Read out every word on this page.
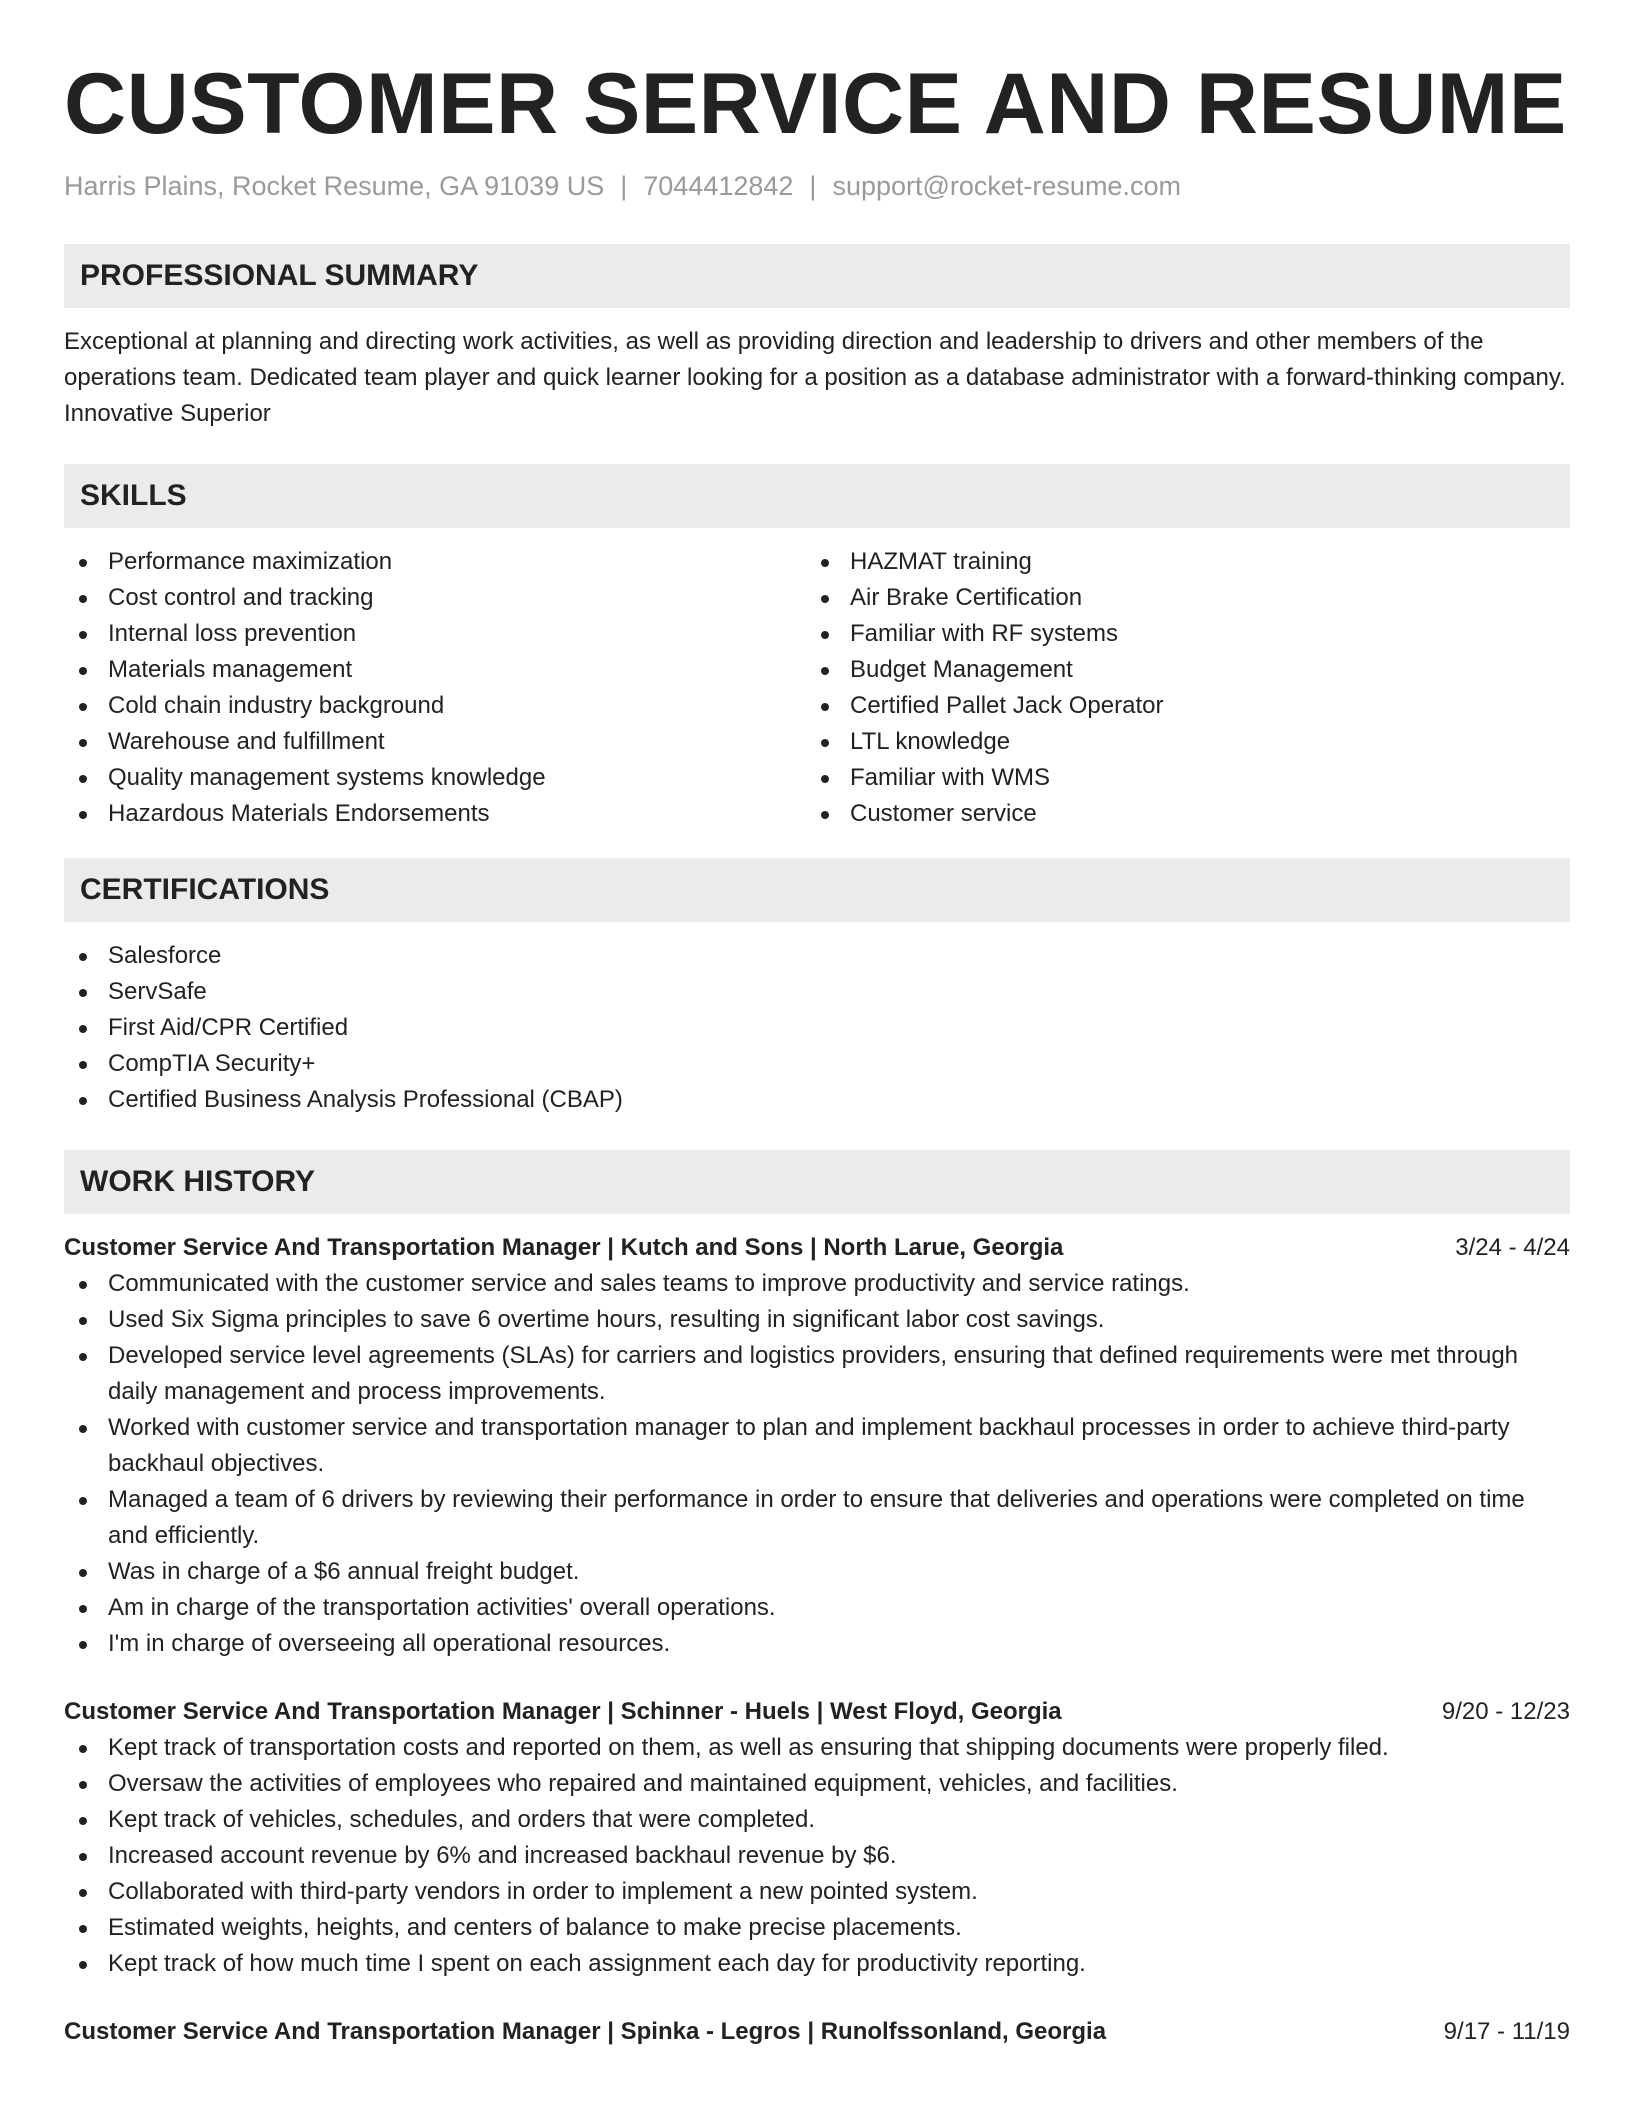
CUSTOMER SERVICE AND RESUME
Harris Plains, Rocket Resume, GA 91039 US | 7044412842 | support@rocket-resume.com
PROFESSIONAL SUMMARY

Exceptional at planning and directing work activities, as well as providing direction and leadership to drivers and other members of the operations team. Dedicated team player and quick learner looking for a position as a database administrator with a forward-thinking company. Innovative Superior

SKILLS
Performance maximization
Cost control and tracking
Internal loss prevention
Materials management
Cold chain industry background
Warehouse and fulfillment
Quality management systems knowledge
Hazardous Materials Endorsements
HAZMAT training
Air Brake Certification
Familiar with RF systems
Budget Management
Certified Pallet Jack Operator
LTL knowledge
Familiar with WMS
Customer service
CERTIFICATIONS
Salesforce
ServSafe
First Aid/CPR Certified
CompTIA Security+
Certified Business Analysis Professional (CBAP)
WORK HISTORY
Customer Service And Transportation Manager | Kutch and Sons | North Larue, Georgia	3/24 - 4/24
Communicated with the customer service and sales teams to improve productivity and service ratings.
Used Six Sigma principles to save 6 overtime hours, resulting in significant labor cost savings.
Developed service level agreements (SLAs) for carriers and logistics providers, ensuring that defined requirements were met through daily management and process improvements.
Worked with customer service and transportation manager to plan and implement backhaul processes in order to achieve third-party backhaul objectives.
Managed a team of 6 drivers by reviewing their performance in order to ensure that deliveries and operations were completed on time and efficiently.
Was in charge of a $6 annual freight budget.
Am in charge of the transportation activities' overall operations.
I'm in charge of overseeing all operational resources.
Customer Service And Transportation Manager | Schinner - Huels | West Floyd, Georgia	9/20 - 12/23
Kept track of transportation costs and reported on them, as well as ensuring that shipping documents were properly filed.
Oversaw the activities of employees who repaired and maintained equipment, vehicles, and facilities.
Kept track of vehicles, schedules, and orders that were completed.
Increased account revenue by 6% and increased backhaul revenue by $6.
Collaborated with third-party vendors in order to implement a new pointed system.
Estimated weights, heights, and centers of balance to make precise placements.
Kept track of how much time I spent on each assignment each day for productivity reporting.
Customer Service And Transportation Manager | Spinka - Legros | Runolfssonland, Georgia	9/17 - 11/19
